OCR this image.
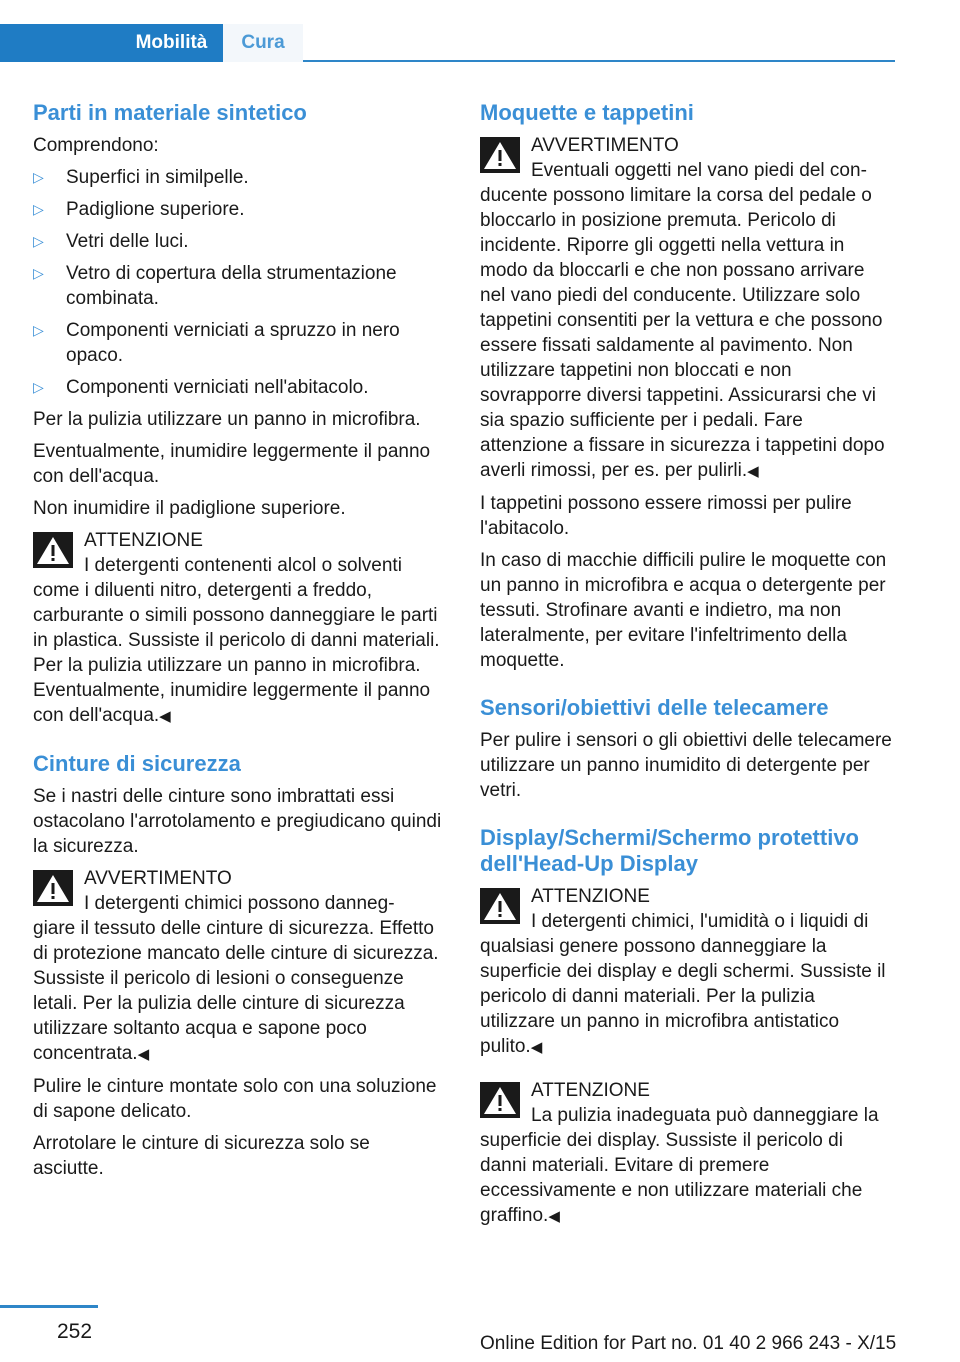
Mobilità	Cura
Parti in materiale sintetico

Comprendono:

▷	Superfici in similpelle.
▷	Padiglione superiore.
▷	Vetri delle luci.
▷	Vetro di copertura della strumentazione combinata.
▷	Componenti verniciati a spruzzo in nero opaco.
▷	Componenti verniciati nell'abitacolo.

Per la pulizia utilizzare un panno in microfibra.

Eventualmente, inumidire leggermente il panno con dell'acqua.

Non inumidire il padiglione superiore.

ATTENZIONE
I detergenti contenenti alcol o solventi
come i diluenti nitro, detergenti a freddo, carburante o simili possono danneggiare le parti in plastica. Sussiste il pericolo di danni materiali. Per la pulizia utilizzare un panno in microfibra. Eventualmente, inumidire leggermente il panno con dell'acqua.◀
Cinture di sicurezza

Se i nastri delle cinture sono imbrattati essi ostacolano l'arrotolamento e pregiudicano quindi la sicurezza.

AVVERTIMENTO
I detergenti chimici possono danneg-
giare il tessuto delle cinture di sicurezza. Effetto di protezione mancato delle cinture di sicurezza. Sussiste il pericolo di lesioni o conseguenze letali. Per la pulizia delle cinture di sicurezza utilizzare soltanto acqua e sapone poco concentrata.◀

Pulire le cinture montate solo con una soluzione di sapone delicato.

Arrotolare le cinture di sicurezza solo se asciutte.

Moquette e tappetini
AVVERTIMENTO
Eventuali oggetti nel vano piedi del con-
ducente possono limitare la corsa del pedale o bloccarlo in posizione premuta. Pericolo di incidente. Riporre gli oggetti nella vettura in modo da bloccarli e che non possano arrivare nel vano piedi del conducente. Utilizzare solo tappetini consentiti per la vettura e che possono essere fissati saldamente al pavimento. Non utilizzare tappetini non bloccati e non sovrapporre diversi tappetini. Assicurarsi che vi sia spazio sufficiente per i pedali. Fare attenzione a fissare in sicurezza i tappetini dopo averli rimossi, per es. per pulirli.◀

I tappetini possono essere rimossi per pulire l'abitacolo.

In caso di macchie difficili pulire le moquette con un panno in microfibra e acqua o detergente per tessuti. Strofinare avanti e indietro, ma non lateralmente, per evitare l'infeltrimento della moquette.

Sensori/obiettivi delle telecamere

Per pulire i sensori o gli obiettivi delle telecamere utilizzare un panno inumidito di detergente per vetri.

Display/Schermi/Schermo protettivo dell'Head-Up Display
ATTENZIONE
I detergenti chimici, l'umidità o i liquidi di
qualsiasi genere possono danneggiare la superficie dei display e degli schermi. Sussiste il pericolo di danni materiali. Per la pulizia utilizzare un panno in microfibra antistatico pulito.◀
ATTENZIONE
La pulizia inadeguata può danneggiare la
superficie dei display. Sussiste il pericolo di danni materiali. Evitare di premere eccessivamente e non utilizzare materiali che graffino.◀
252
Online Edition for Part no. 01 40 2 966 243 - X/15
